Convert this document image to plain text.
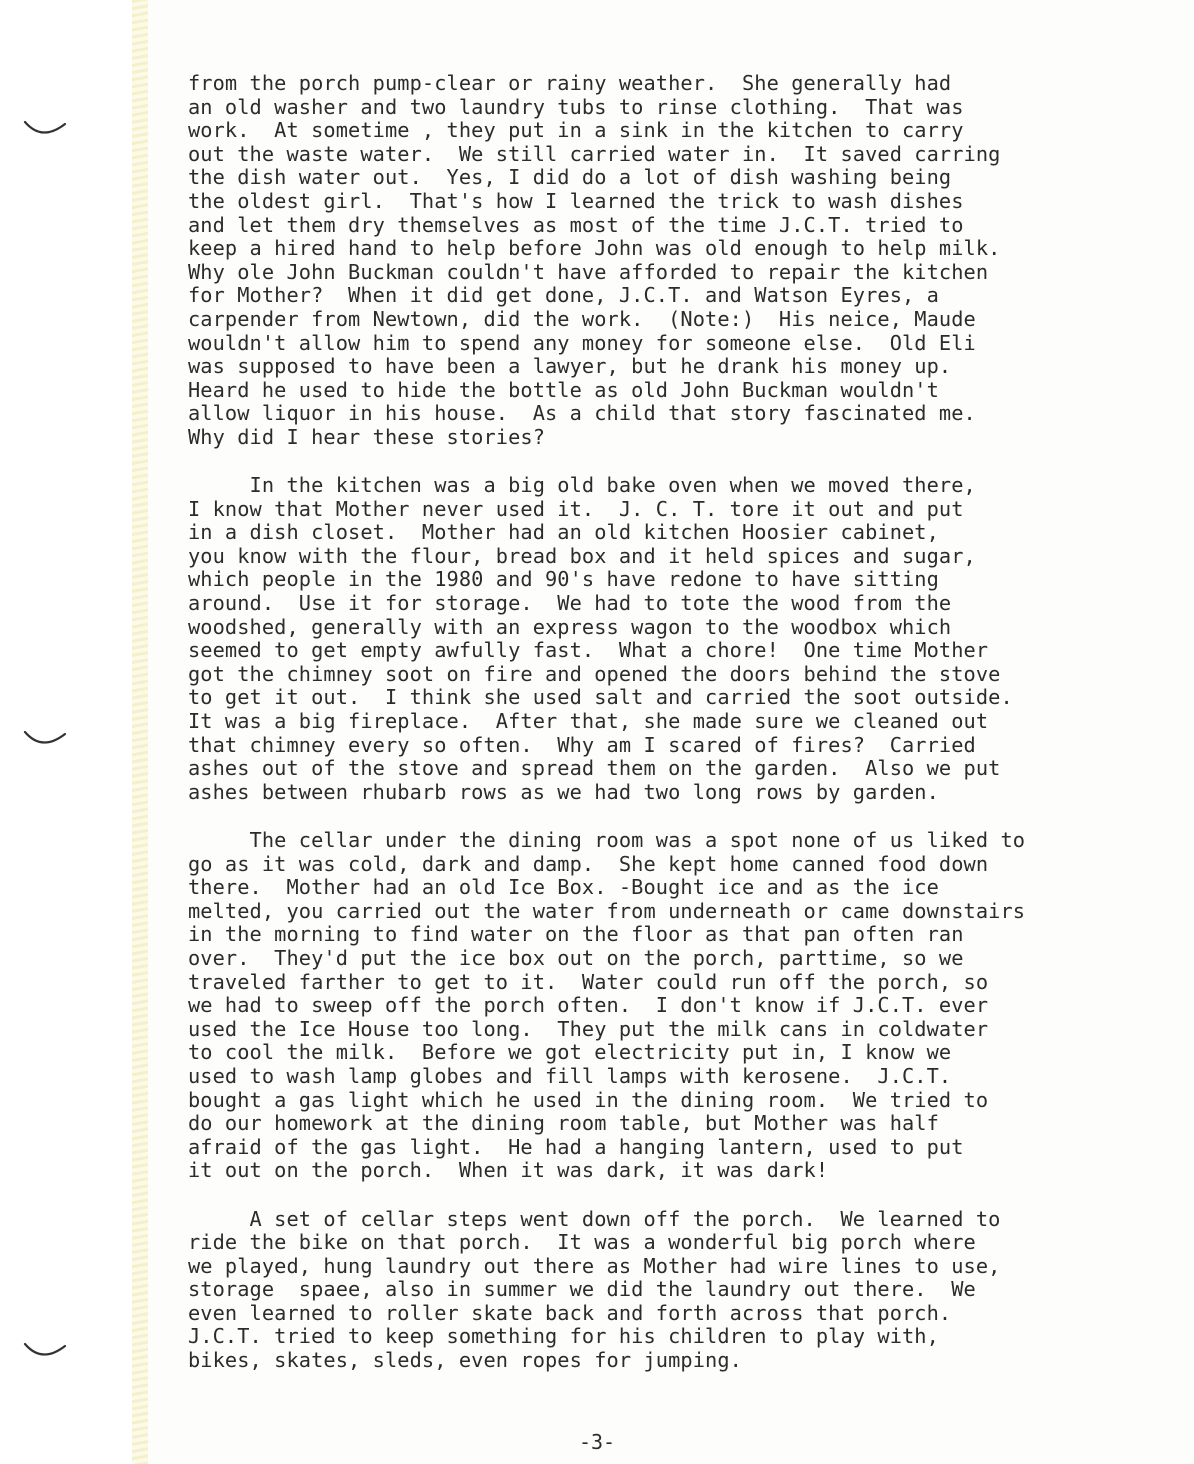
from the porch pump-clear or rainy weather.  She generally had
an old washer and two laundry tubs to rinse clothing.  That was
work.  At sometime , they put in a sink in the kitchen to carry
out the waste water.  We still carried water in.  It saved carring
the dish water out.  Yes, I did do a lot of dish washing being
the oldest girl.  That's how I learned the trick to wash dishes
and let them dry themselves as most of the time J.C.T. tried to
keep a hired hand to help before John was old enough to help milk.
Why ole John Buckman couldn't have afforded to repair the kitchen
for Mother?  When it did get done, J.C.T. and Watson Eyres, a
carpender from Newtown, did the work.  (Note:)  His neice, Maude
wouldn't allow him to spend any money for someone else.  Old Eli
was supposed to have been a lawyer, but he drank his money up.
Heard he used to hide the bottle as old John Buckman wouldn't
allow liquor in his house.  As a child that story fascinated me.
Why did I hear these stories?
In the kitchen was a big old bake oven when we moved there,
I know that Mother never used it.  J. C. T. tore it out and put
in a dish closet.  Mother had an old kitchen Hoosier cabinet,
you know with the flour, bread box and it held spices and sugar,
which people in the 1980 and 90's have redone to have sitting
around.  Use it for storage.  We had to tote the wood from the
woodshed, generally with an express wagon to the woodbox which
seemed to get empty awfully fast.  What a chore!  One time Mother
got the chimney soot on fire and opened the doors behind the stove
to get it out.  I think she used salt and carried the soot outside.
It was a big fireplace.  After that, she made sure we cleaned out
that chimney every so often.  Why am I scared of fires?  Carried
ashes out of the stove and spread them on the garden.  Also we put
ashes between rhubarb rows as we had two long rows by garden.
The cellar under the dining room was a spot none of us liked to
go as it was cold, dark and damp.  She kept home canned food down
there.  Mother had an old Ice Box. -Bought ice and as the ice
melted, you carried out the water from underneath or came downstairs
in the morning to find water on the floor as that pan often ran
over.  They'd put the ice box out on the porch, parttime, so we
traveled farther to get to it.  Water could run off the porch, so
we had to sweep off the porch often.  I don't know if J.C.T. ever
used the Ice House too long.  They put the milk cans in coldwater
to cool the milk.  Before we got electricity put in, I know we
used to wash lamp globes and fill lamps with kerosene.  J.C.T.
bought a gas light which he used in the dining room.  We tried to
do our homework at the dining room table, but Mother was half
afraid of the gas light.  He had a hanging lantern, used to put
it out on the porch.  When it was dark, it was dark!
A set of cellar steps went down off the porch.  We learned to
ride the bike on that porch.  It was a wonderful big porch where
we played, hung laundry out there as Mother had wire lines to use,
storage  spaee, also in summer we did the laundry out there.  We
even learned to roller skate back and forth across that porch.
J.C.T. tried to keep something for his children to play with,
bikes, skates, sleds, even ropes for jumping.
-3-
